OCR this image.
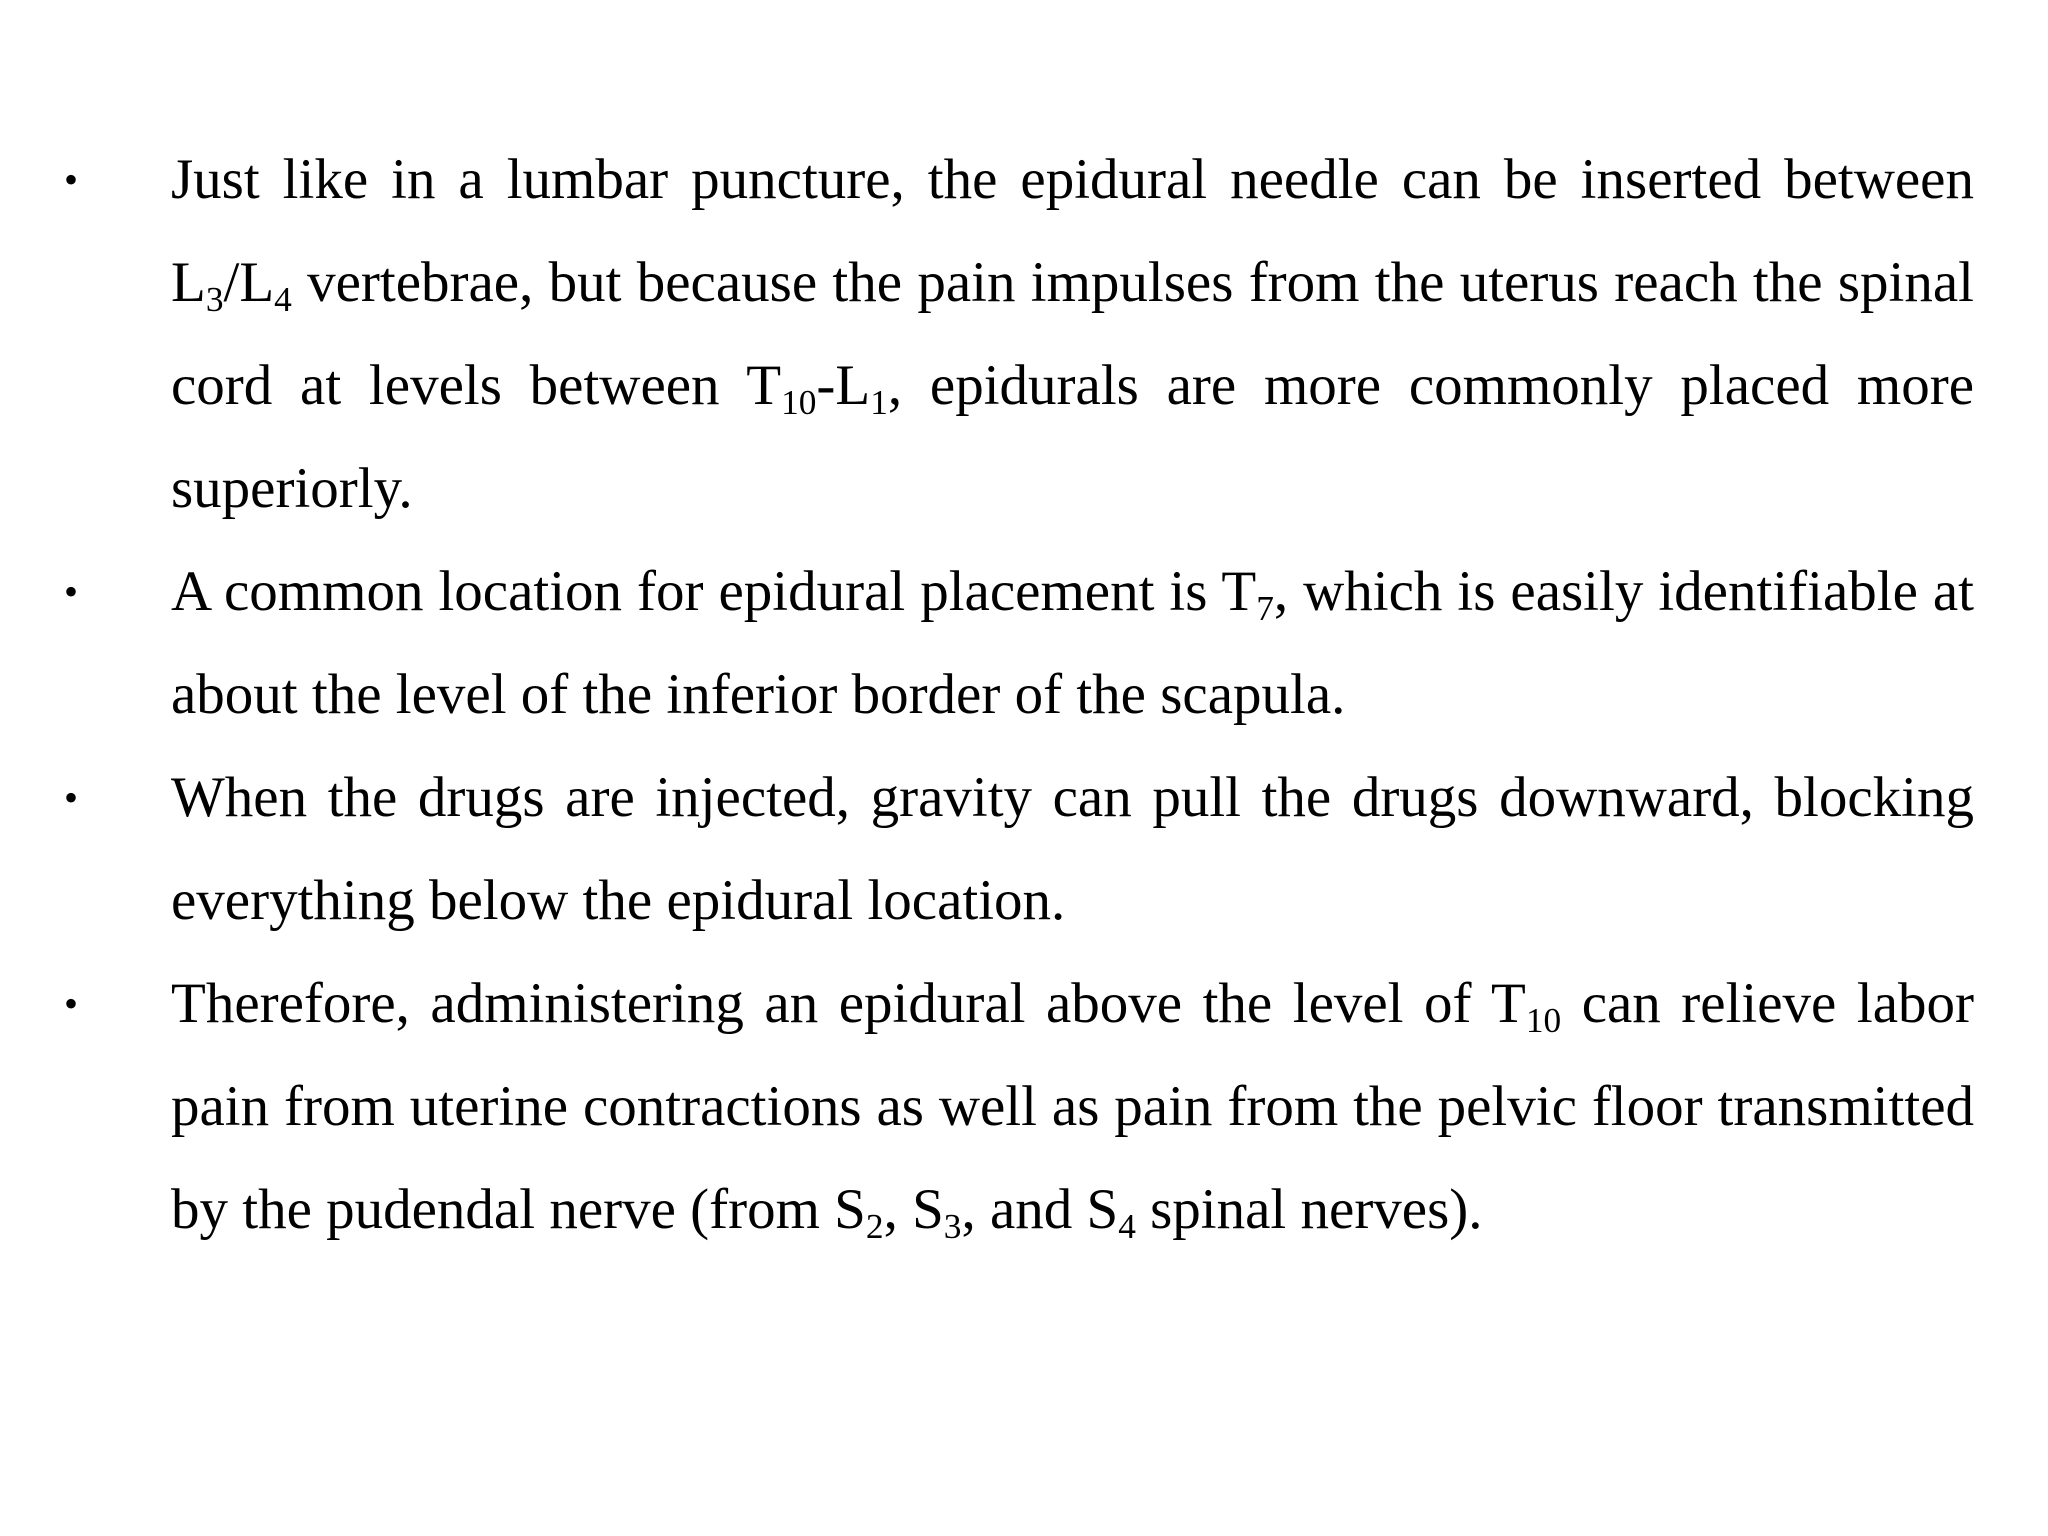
•	Just like in a lumbar puncture, the epidural needle can be inserted between $L_3/L_4$ vertebrae, but because the pain impulses from the uterus reach the spinal cord at levels between $T_{10}-L_1$, epidurals are more commonly placed more superiorly.
•	A common location for epidural placement is $T_7$, which is easily identifiable at about the level of the inferior border of the scapula.
•	When the drugs are injected, gravity can pull the drugs downward, blocking everything below the epidural location.
•	Therefore, administering an epidural above the level of $T_{10}$ can relieve labor pain from uterine contractions as well as pain from the pelvic floor transmitted by the pudendal nerve (from $S_2$, $S_3$, and $S_4$ spinal nerves).
